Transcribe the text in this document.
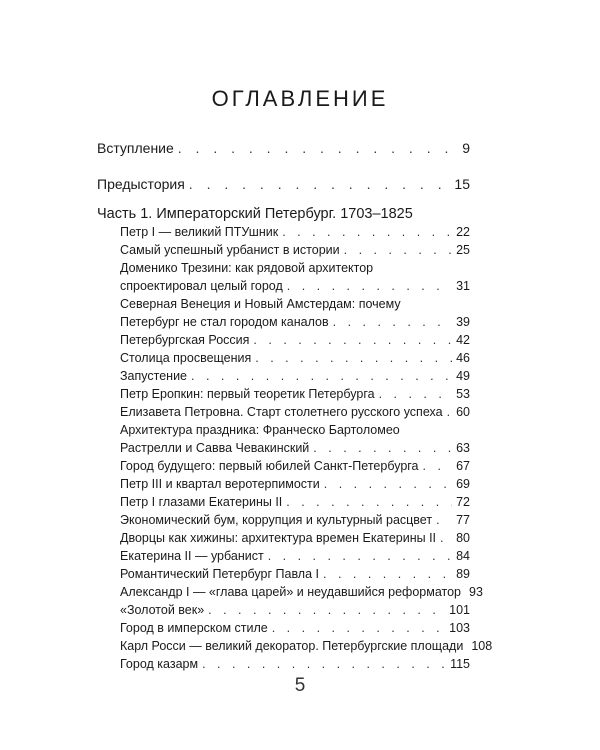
ОГЛАВЛЕНИЕ
Вступление . . .	9
Предыстория . . .	15
Часть 1. Императорский Петербург. 1703–1825
Петр I — великий ПТУшник . . .	22
Самый успешный урбанист в истории . . .	25
Доменико Трезини: как рядовой архитектор
спроектировал целый город . . .	31
Северная Венеция и Новый Амстердам: почему
Петербург не стал городом каналов . . .	39
Петербургская Россия . . .	42
Столица просвещения . . .	46
Запустение . . .	49
Петр Еропкин: первый теоретик Петербурга . . .	53
Елизавета Петровна. Старт столетнего русского успеха . . . 60
Архитектура праздника: Франческо Бартоломео
Растрелли и Савва Чевакинский . . .	63
Город будущего: первый юбилей Санкт-Петербурга . . .	67
Петр III и квартал веротерпимости . . .	69
Петр I глазами Екатерины II . . .	72
Экономический бум, коррупция и культурный расцвет . . . 77
Дворцы как хижины: архитектура времен Екатерины II . . . 80
Екатерина II — урбанист . . .	84
Романтический Петербург Павла I . . .	89
Александр I — «глава царей» и неудавшийся реформатор 93
«Золотой век» . . .	101
Город в имперском стиле . . .	103
Карл Росси — великий декоратор. Петербургские площади 108
Город казарм . . .	115
5
